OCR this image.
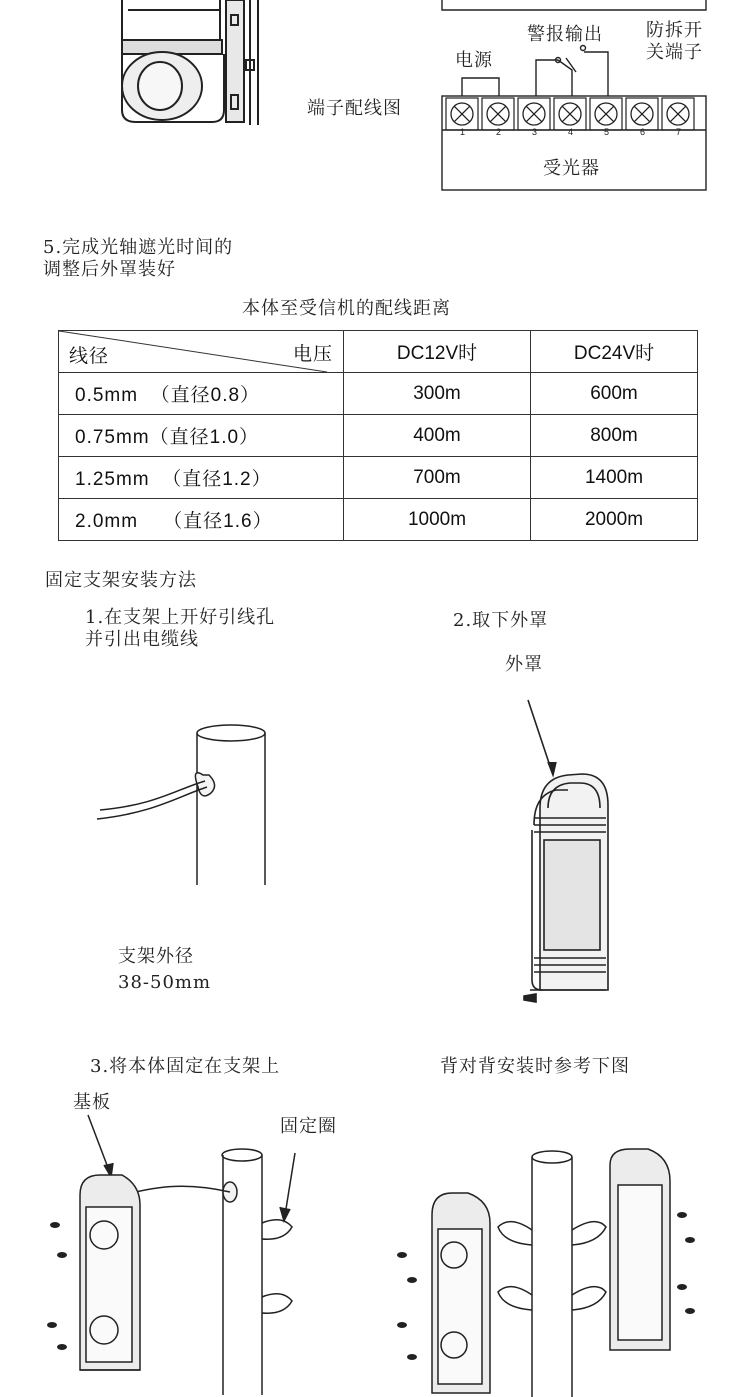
警报输出 防拆开
关端子
电源
端子配线图
1	2	3	4	5	6	7
受光器
5.完成光轴遮光时间的
调整后外罩装好
本体至受信机的配线距离
线径 电压	DC12V时	DC24V时
0.5mm  （直径0.8）	300m	600m
0.75mm（直径1.0）	400m	800m
1.25mm  （直径1.2）	700m	1400m
2.0mm    （直径1.6）	1000m	2000m
固定支架安装方法
1.在支架上开好引线孔
并引出电缆线
2.取下外罩
外罩
支架外径
38-50mm
3.将本体固定在支架上	背对背安装时参考下图
基板
固定圈
